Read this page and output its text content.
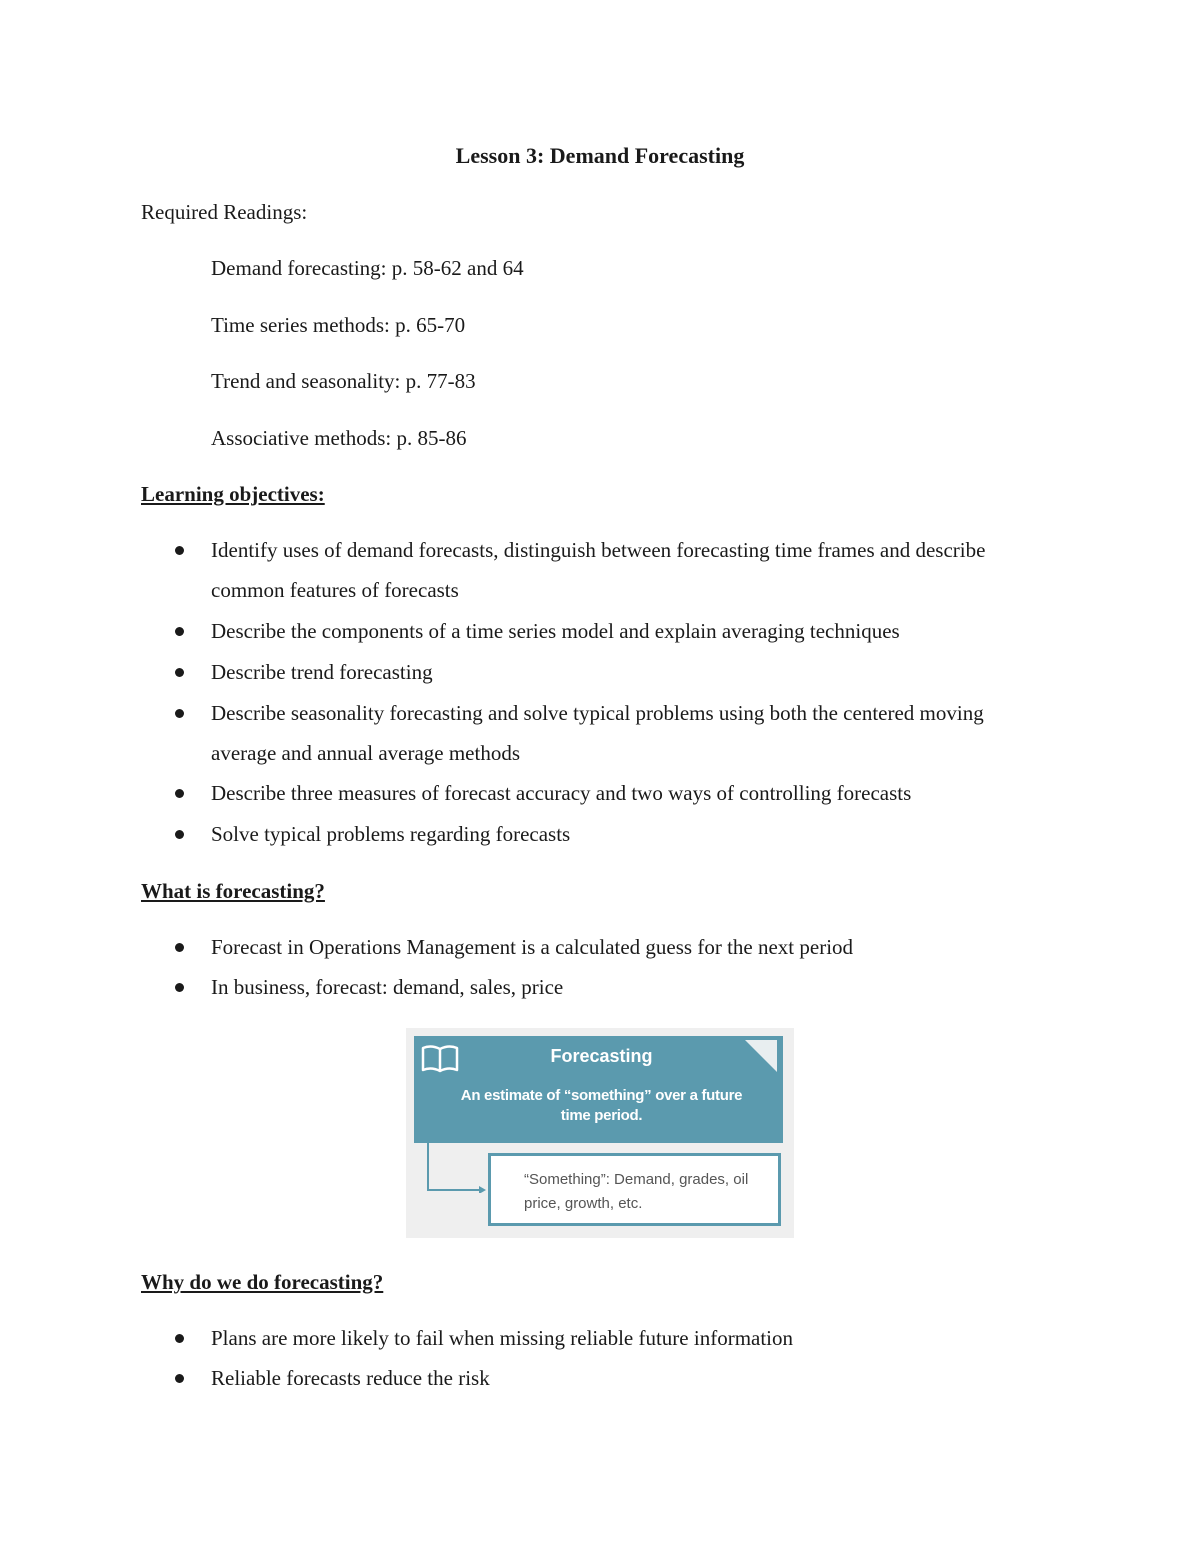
Lesson 3: Demand Forecasting
Required Readings:
Demand forecasting: p. 58-62 and 64
Time series methods: p. 65-70
Trend and seasonality: p. 77-83
Associative methods: p. 85-86
Learning objectives:
Identify uses of demand forecasts, distinguish between forecasting time frames and describe common features of forecasts
Describe the components of a time series model and explain averaging techniques
Describe trend forecasting
Describe seasonality forecasting and solve typical problems using both the centered moving average and annual average methods
Describe three measures of forecast accuracy and two ways of controlling forecasts
Solve typical problems regarding forecasts
What is forecasting?
Forecast in Operations Management is a calculated guess for the next period
In business, forecast: demand, sales, price
Forecasting
An estimate of “something” over a future time period.
“Something”: Demand, grades, oil price, growth, etc.
Why do we do forecasting?
Plans are more likely to fail when missing reliable future information
Reliable forecasts reduce the risk
